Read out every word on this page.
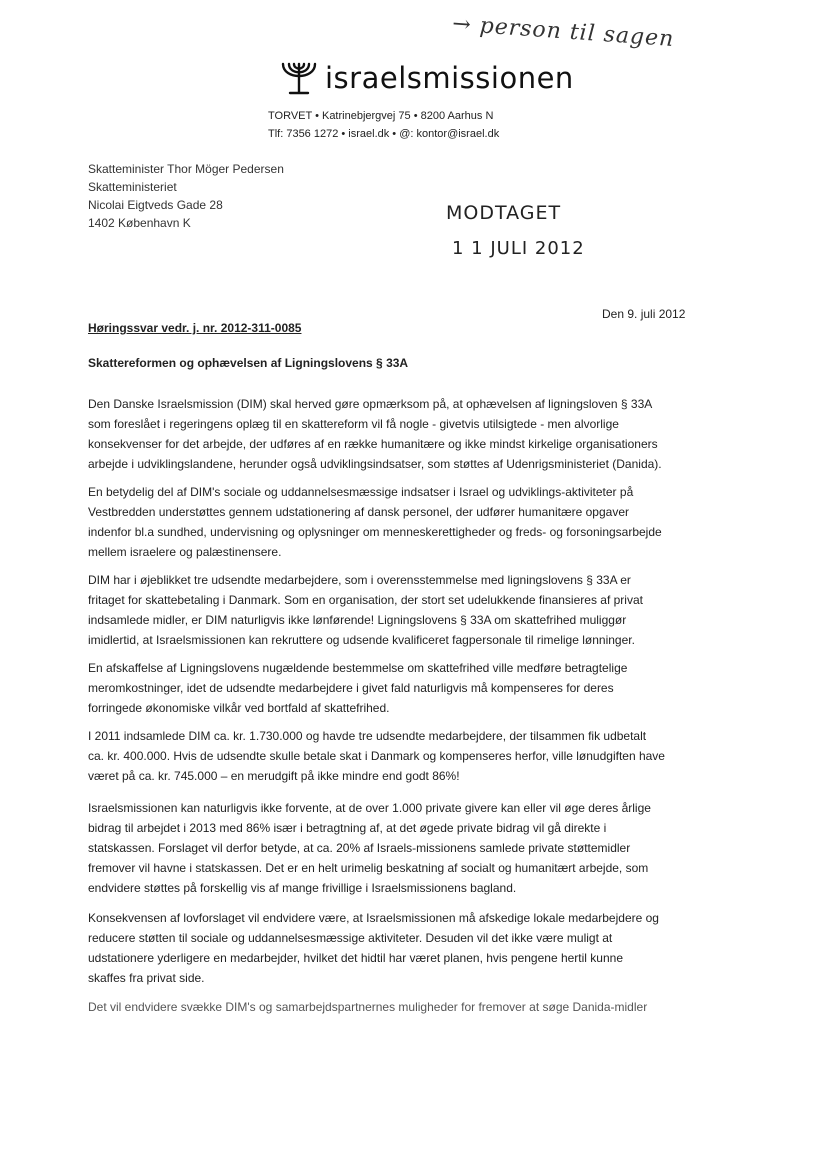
→ person til sagen
israelsmissionen
TORVET • Katrinebjergvej 75 • 8200 Aarhus N
Tlf: 7356 1272 • israel.dk • @: kontor@israel.dk
Skatteminister Thor Möger Pedersen
Skatteministeriet
Nicolai Eigtveds Gade 28
1402 København K	MODTAGET
1 1 JULI 2012
Den 9. juli 2012
Høringssvar vedr. j. nr. 2012-311-0085
Skattereformen og ophævelsen af Ligningslovens § 33A
Den Danske Israelsmission (DIM) skal herved gøre opmærksom på, at ophævelsen af ligningsloven § 33A
som foreslået i regeringens oplæg til en skattereform vil få nogle - givetvis utilsigtede - men alvorlige
konsekvenser for det arbejde, der udføres af en række humanitære og ikke mindst kirkelige organisationers
arbejde i udviklingslandene, herunder også udviklingsindsatser, som støttes af Udenrigsministeriet (Danida).
En betydelig del af DIM's sociale og uddannelsesmæssige indsatser i Israel og udviklings-aktiviteter på
Vestbredden understøttes gennem udstationering af dansk personel, der udfører humanitære opgaver
indenfor bl.a sundhed, undervisning og oplysninger om menneskerettigheder og freds- og forsoningsarbejde
mellem israelere og palæstinensere.
DIM har i øjeblikket tre udsendte medarbejdere, som i overensstemmelse med ligningslovens § 33A er
fritaget for skattebetaling i Danmark. Som en organisation, der stort set udelukkende finansieres af privat
indsamlede midler, er DIM naturligvis ikke lønførende! Ligningslovens § 33A om skattefrihed muliggør
imidlertid, at Israelsmissionen kan rekruttere og udsende kvalificeret fagpersonale til rimelige lønninger.
En afskaffelse af Ligningslovens nugældende bestemmelse om skattefrihed ville medføre betragtelige
meromkostninger, idet de udsendte medarbejdere i givet fald naturligvis må kompenseres for deres
forringede økonomiske vilkår ved bortfald af skattefrihed.
I 2011 indsamlede DIM ca. kr. 1.730.000 og havde tre udsendte medarbejdere, der tilsammen fik udbetalt
ca. kr. 400.000. Hvis de udsendte skulle betale skat i Danmark og kompenseres herfor, ville lønudgiften have
været på ca. kr. 745.000 – en merudgift på ikke mindre end godt 86%!
Israelsmissionen kan naturligvis ikke forvente, at de over 1.000 private givere kan eller vil øge deres årlige
bidrag til arbejdet i 2013 med 86% især i betragtning af, at det øgede private bidrag vil gå direkte i
statskassen. Forslaget vil derfor betyde, at ca. 20% af Israels-missionens samlede private støttemidler
fremover vil havne i statskassen. Det er en helt urimelig beskatning af socialt og humanitært arbejde, som
endvidere støttes på forskellig vis af mange frivillige i Israelsmissionens bagland.
Konsekvensen af lovforslaget vil endvidere være, at Israelsmissionen må afskedige lokale medarbejdere og
reducere støtten til sociale og uddannelsesmæssige aktiviteter. Desuden vil det ikke være muligt at
udstationere yderligere en medarbejder, hvilket det hidtil har været planen, hvis pengene hertil kunne
skaffes fra privat side.
Det vil endvidere svække DIM's og samarbejdspartnernes muligheder for fremover at søge Danida-midler
